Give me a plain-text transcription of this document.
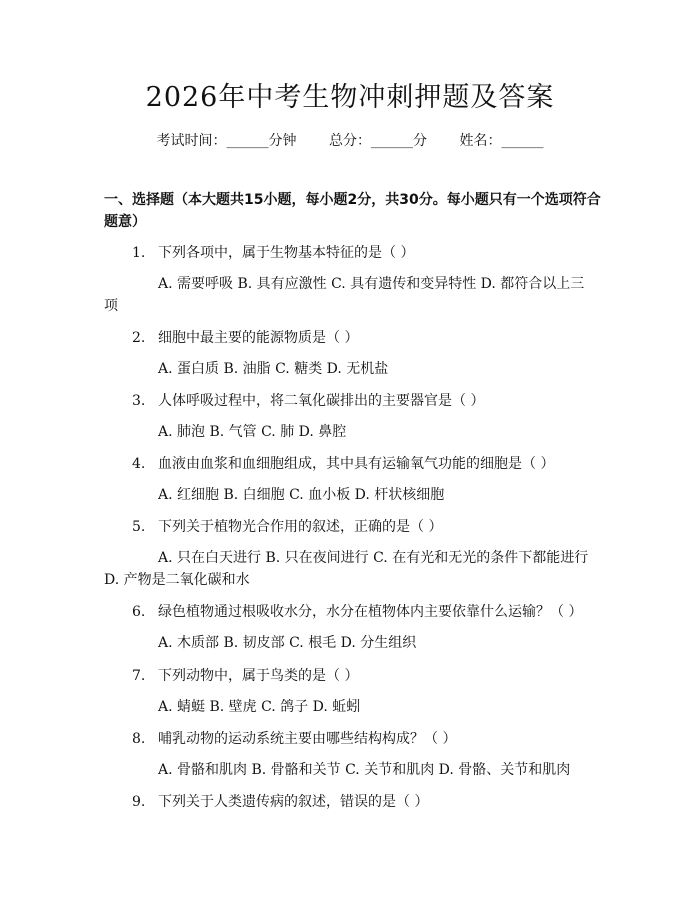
2026年中考生物冲刺押题及答案
考试时间：______分钟 总分：______分 姓名：______
一、选择题（本大题共15小题，每小题2分，共30分。每小题只有一个选项符合题意）
1. 下列各项中，属于生物基本特征的是（ ）
A. 需要呼吸 B. 具有应激性 C. 具有遗传和变异特性 D. 都符合以上三项
2. 细胞中最主要的能源物质是（ ）
A. 蛋白质 B. 油脂 C. 糖类 D. 无机盐
3. 人体呼吸过程中，将二氧化碳排出的主要器官是（ ）
A. 肺泡 B. 气管 C. 肺 D. 鼻腔
4. 血液由血浆和血细胞组成，其中具有运输氧气功能的细胞是（ ）
A. 红细胞 B. 白细胞 C. 血小板 D. 杆状核细胞
5. 下列关于植物光合作用的叙述，正确的是（ ）
A. 只在白天进行 B. 只在夜间进行 C. 在有光和无光的条件下都能进行 D. 产物是二氧化碳和水
6. 绿色植物通过根吸收水分，水分在植物体内主要依靠什么运输？（ ）
A. 木质部 B. 韧皮部 C. 根毛 D. 分生组织
7. 下列动物中，属于鸟类的是（ ）
A. 蜻蜓 B. 壁虎 C. 鸽子 D. 蚯蚓
8. 哺乳动物的运动系统主要由哪些结构构成？（ ）
A. 骨骼和肌肉 B. 骨骼和关节 C. 关节和肌肉 D. 骨骼、关节和肌肉
9. 下列关于人类遗传病的叙述，错误的是（ ）
